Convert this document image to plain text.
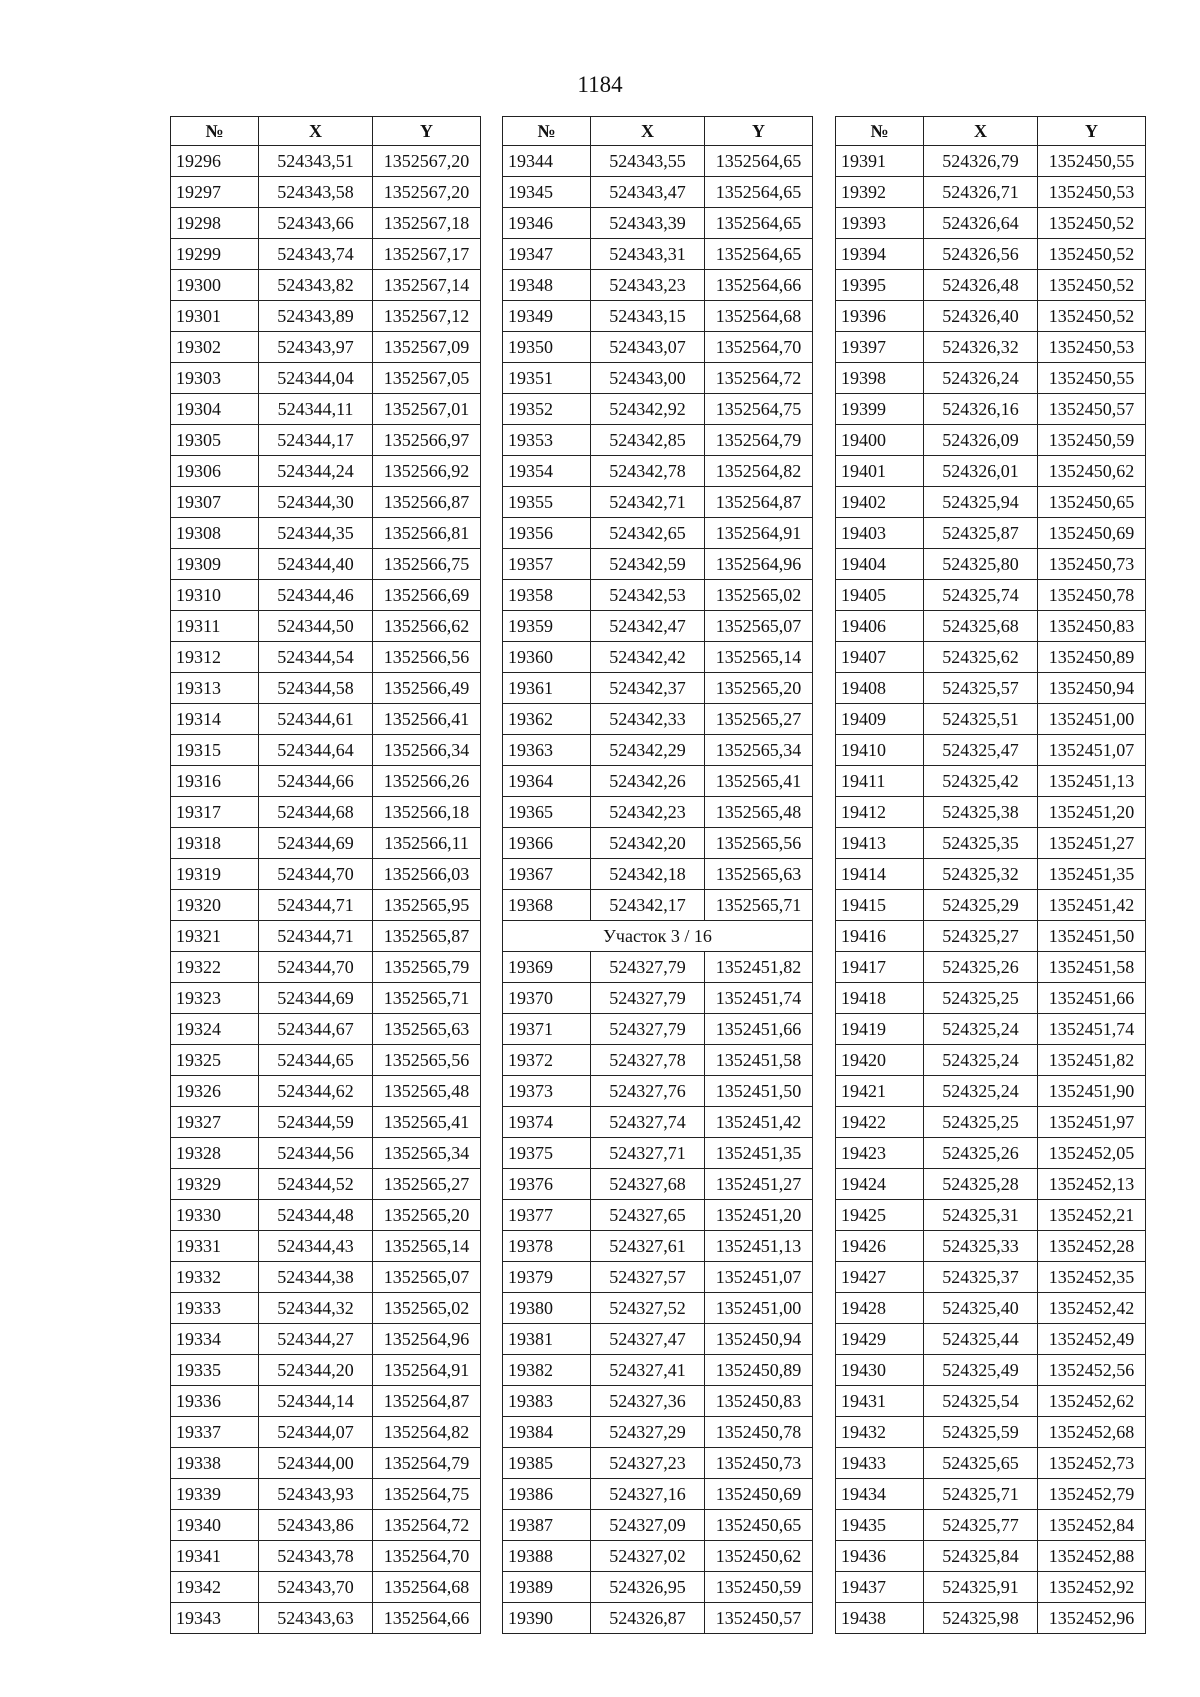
1184
№	X	Y
19296	524343,51	1352567,20
19297	524343,58	1352567,20
19298	524343,66	1352567,18
19299	524343,74	1352567,17
19300	524343,82	1352567,14
19301	524343,89	1352567,12
19302	524343,97	1352567,09
19303	524344,04	1352567,05
19304	524344,11	1352567,01
19305	524344,17	1352566,97
19306	524344,24	1352566,92
19307	524344,30	1352566,87
19308	524344,35	1352566,81
19309	524344,40	1352566,75
19310	524344,46	1352566,69
19311	524344,50	1352566,62
19312	524344,54	1352566,56
19313	524344,58	1352566,49
19314	524344,61	1352566,41
19315	524344,64	1352566,34
19316	524344,66	1352566,26
19317	524344,68	1352566,18
19318	524344,69	1352566,11
19319	524344,70	1352566,03
19320	524344,71	1352565,95
19321	524344,71	1352565,87
19322	524344,70	1352565,79
19323	524344,69	1352565,71
19324	524344,67	1352565,63
19325	524344,65	1352565,56
19326	524344,62	1352565,48
19327	524344,59	1352565,41
19328	524344,56	1352565,34
19329	524344,52	1352565,27
19330	524344,48	1352565,20
19331	524344,43	1352565,14
19332	524344,38	1352565,07
19333	524344,32	1352565,02
19334	524344,27	1352564,96
19335	524344,20	1352564,91
19336	524344,14	1352564,87
19337	524344,07	1352564,82
19338	524344,00	1352564,79
19339	524343,93	1352564,75
19340	524343,86	1352564,72
19341	524343,78	1352564,70
19342	524343,70	1352564,68
19343	524343,63	1352564,66
№	X	Y
19344	524343,55	1352564,65
19345	524343,47	1352564,65
19346	524343,39	1352564,65
19347	524343,31	1352564,65
19348	524343,23	1352564,66
19349	524343,15	1352564,68
19350	524343,07	1352564,70
19351	524343,00	1352564,72
19352	524342,92	1352564,75
19353	524342,85	1352564,79
19354	524342,78	1352564,82
19355	524342,71	1352564,87
19356	524342,65	1352564,91
19357	524342,59	1352564,96
19358	524342,53	1352565,02
19359	524342,47	1352565,07
19360	524342,42	1352565,14
19361	524342,37	1352565,20
19362	524342,33	1352565,27
19363	524342,29	1352565,34
19364	524342,26	1352565,41
19365	524342,23	1352565,48
19366	524342,20	1352565,56
19367	524342,18	1352565,63
19368	524342,17	1352565,71
Участок 3 / 16		
19369	524327,79	1352451,82
19370	524327,79	1352451,74
19371	524327,79	1352451,66
19372	524327,78	1352451,58
19373	524327,76	1352451,50
19374	524327,74	1352451,42
19375	524327,71	1352451,35
19376	524327,68	1352451,27
19377	524327,65	1352451,20
19378	524327,61	1352451,13
19379	524327,57	1352451,07
19380	524327,52	1352451,00
19381	524327,47	1352450,94
19382	524327,41	1352450,89
19383	524327,36	1352450,83
19384	524327,29	1352450,78
19385	524327,23	1352450,73
19386	524327,16	1352450,69
19387	524327,09	1352450,65
19388	524327,02	1352450,62
19389	524326,95	1352450,59
19390	524326,87	1352450,57
№	X	Y
19391	524326,79	1352450,55
19392	524326,71	1352450,53
19393	524326,64	1352450,52
19394	524326,56	1352450,52
19395	524326,48	1352450,52
19396	524326,40	1352450,52
19397	524326,32	1352450,53
19398	524326,24	1352450,55
19399	524326,16	1352450,57
19400	524326,09	1352450,59
19401	524326,01	1352450,62
19402	524325,94	1352450,65
19403	524325,87	1352450,69
19404	524325,80	1352450,73
19405	524325,74	1352450,78
19406	524325,68	1352450,83
19407	524325,62	1352450,89
19408	524325,57	1352450,94
19409	524325,51	1352451,00
19410	524325,47	1352451,07
19411	524325,42	1352451,13
19412	524325,38	1352451,20
19413	524325,35	1352451,27
19414	524325,32	1352451,35
19415	524325,29	1352451,42
19416	524325,27	1352451,50
19417	524325,26	1352451,58
19418	524325,25	1352451,66
19419	524325,24	1352451,74
19420	524325,24	1352451,82
19421	524325,24	1352451,90
19422	524325,25	1352451,97
19423	524325,26	1352452,05
19424	524325,28	1352452,13
19425	524325,31	1352452,21
19426	524325,33	1352452,28
19427	524325,37	1352452,35
19428	524325,40	1352452,42
19429	524325,44	1352452,49
19430	524325,49	1352452,56
19431	524325,54	1352452,62
19432	524325,59	1352452,68
19433	524325,65	1352452,73
19434	524325,71	1352452,79
19435	524325,77	1352452,84
19436	524325,84	1352452,88
19437	524325,91	1352452,92
19438	524325,98	1352452,96
